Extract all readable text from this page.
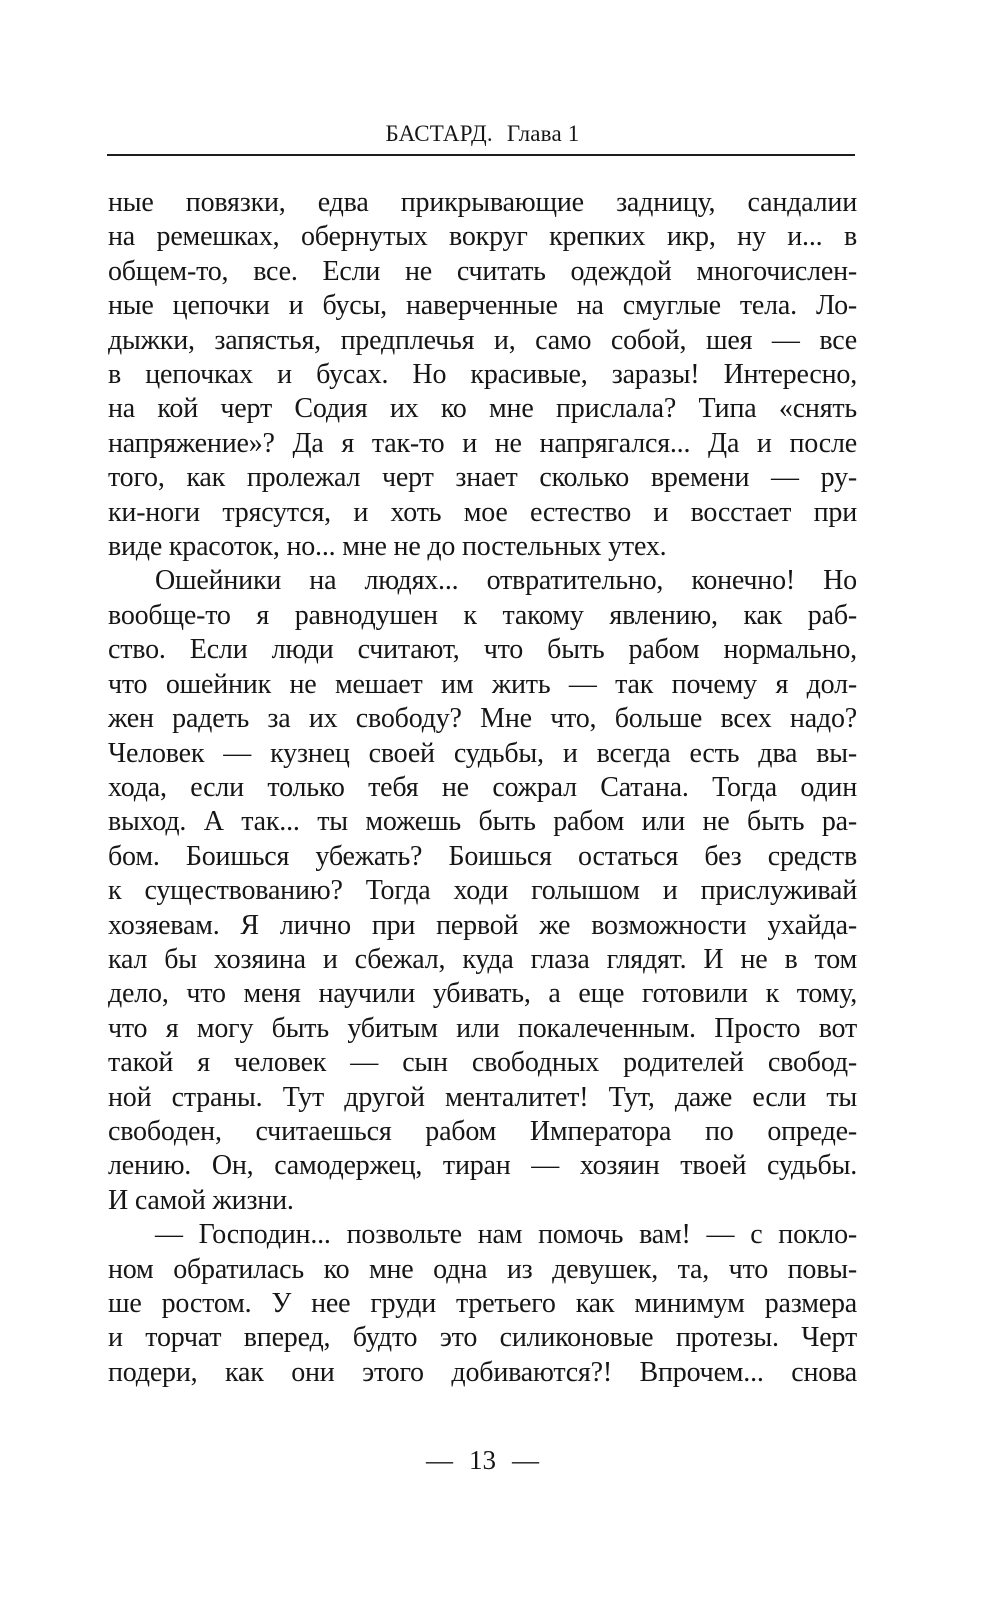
БАСТАРД. Глава 1
ные повязки, едва прикрывающие задницу, сандалии
на ремешках, обернутых вокруг крепких икр, ну и... в
общем-то, все. Если не считать одеждой многочислен-
ные цепочки и бусы, наверченные на смуглые тела. Ло-
дыжки, запястья, предплечья и, само собой, шея — все
в цепочках и бусах. Но красивые, заразы! Интересно,
на кой черт Содия их ко мне прислала? Типа «снять
напряжение»? Да я так-то и не напрягался... Да и после
того, как пролежал черт знает сколько времени — ру-
ки-ноги трясутся, и хоть мое естество и восстает при
виде красоток, но... мне не до постельных утех.
Ошейники на людях... отвратительно, конечно! Но
вообще-то я равнодушен к такому явлению, как раб-
ство. Если люди считают, что быть рабом нормально,
что ошейник не мешает им жить — так почему я дол-
жен радеть за их свободу? Мне что, больше всех надо?
Человек — кузнец своей судьбы, и всегда есть два вы-
хода, если только тебя не сожрал Сатана. Тогда один
выход. А так... ты можешь быть рабом или не быть ра-
бом. Боишься убежать? Боишься остаться без средств
к существованию? Тогда ходи голышом и прислуживай
хозяевам. Я лично при первой же возможности ухайда-
кал бы хозяина и сбежал, куда глаза глядят. И не в том
дело, что меня научили убивать, а еще готовили к тому,
что я могу быть убитым или покалеченным. Просто вот
такой я человек — сын свободных родителей свобод-
ной страны. Тут другой менталитет! Тут, даже если ты
свободен, считаешься рабом Императора по опреде-
лению. Он, самодержец, тиран — хозяин твоей судьбы.
И самой жизни.
— Господин... позвольте нам помочь вам! — с покло-
ном обратилась ко мне одна из девушек, та, что повы-
ше ростом. У нее груди третьего как минимум размера
и торчат вперед, будто это силиконовые протезы. Черт
подери, как они этого добиваются?! Впрочем... снова
— 13 —
